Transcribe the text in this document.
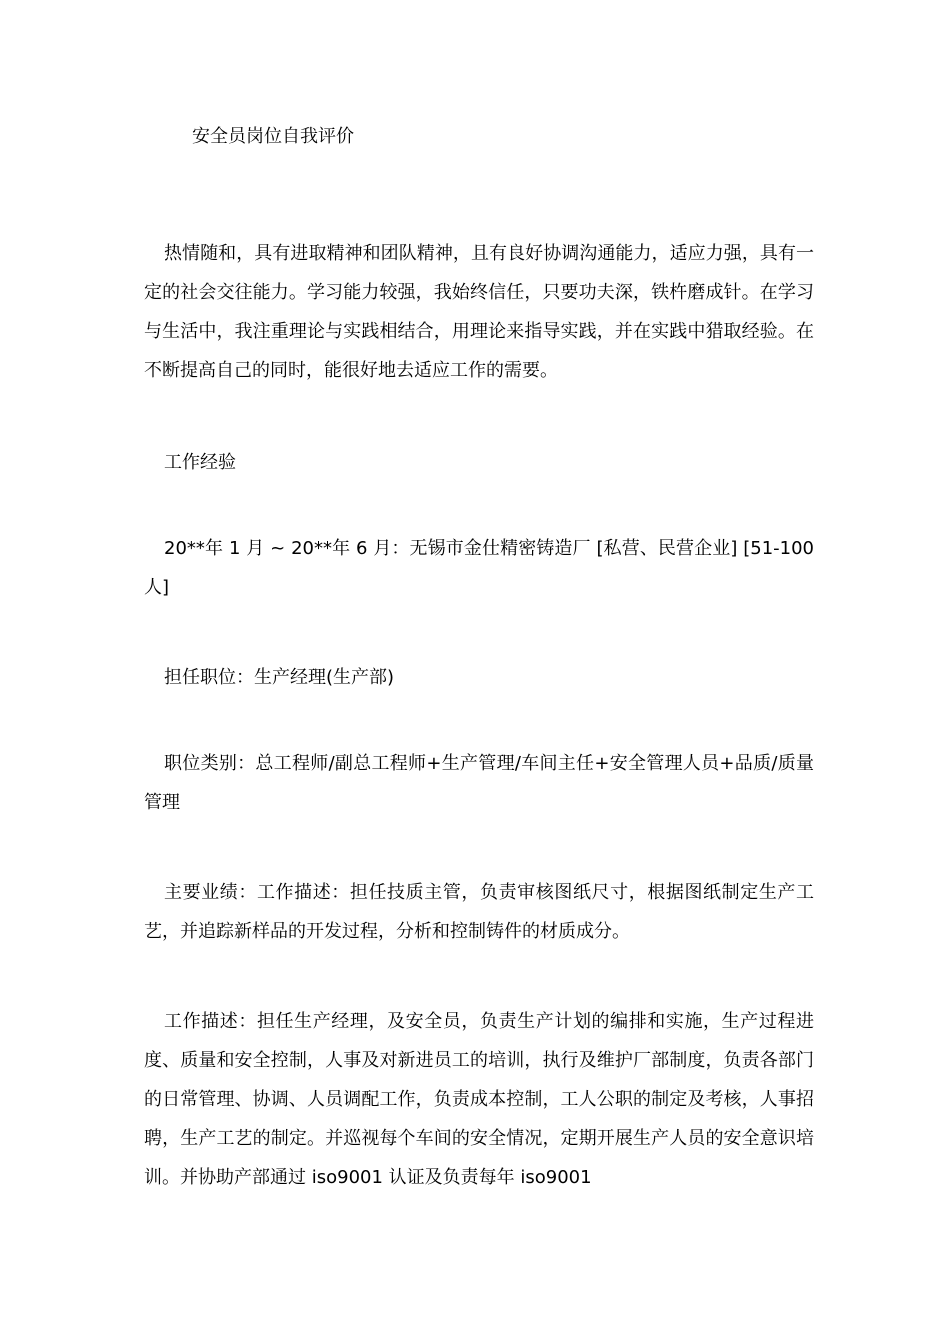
安全员岗位自我评价

热情随和，具有进取精神和团队精神，且有良好协调沟通能力，适应力强，具有一定的社会交往能力。学习能力较强，我始终信任，只要功夫深，铁杵磨成针。在学习与生活中，我注重理论与实践相结合，用理论来指导实践，并在实践中猎取经验。在不断提高自己的同时，能很好地去适应工作的需要。

工作经验

20**年 1 月 ~ 20**年 6 月：无锡市金仕精密铸造厂 [私营、民营企业] [51-100 人]

担任职位：生产经理(生产部)

职位类别：总工程师/副总工程师+生产管理/车间主任+安全管理人员+品质/质量管理

主要业绩：工作描述：担任技质主管，负责审核图纸尺寸，根据图纸制定生产工艺，并追踪新样品的开发过程，分析和控制铸件的材质成分。

工作描述：担任生产经理，及安全员，负责生产计划的编排和实施，生产过程进度、质量和安全控制，人事及对新进员工的培训，执行及维护厂部制度，负责各部门的日常管理、协调、人员调配工作，负责成本控制，工人公职的制定及考核，人事招聘，生产工艺的制定。并巡视每个车间的安全情况，定期开展生产人员的安全意识培训。并协助产部通过 iso9001 认证及负责每年 iso9001
